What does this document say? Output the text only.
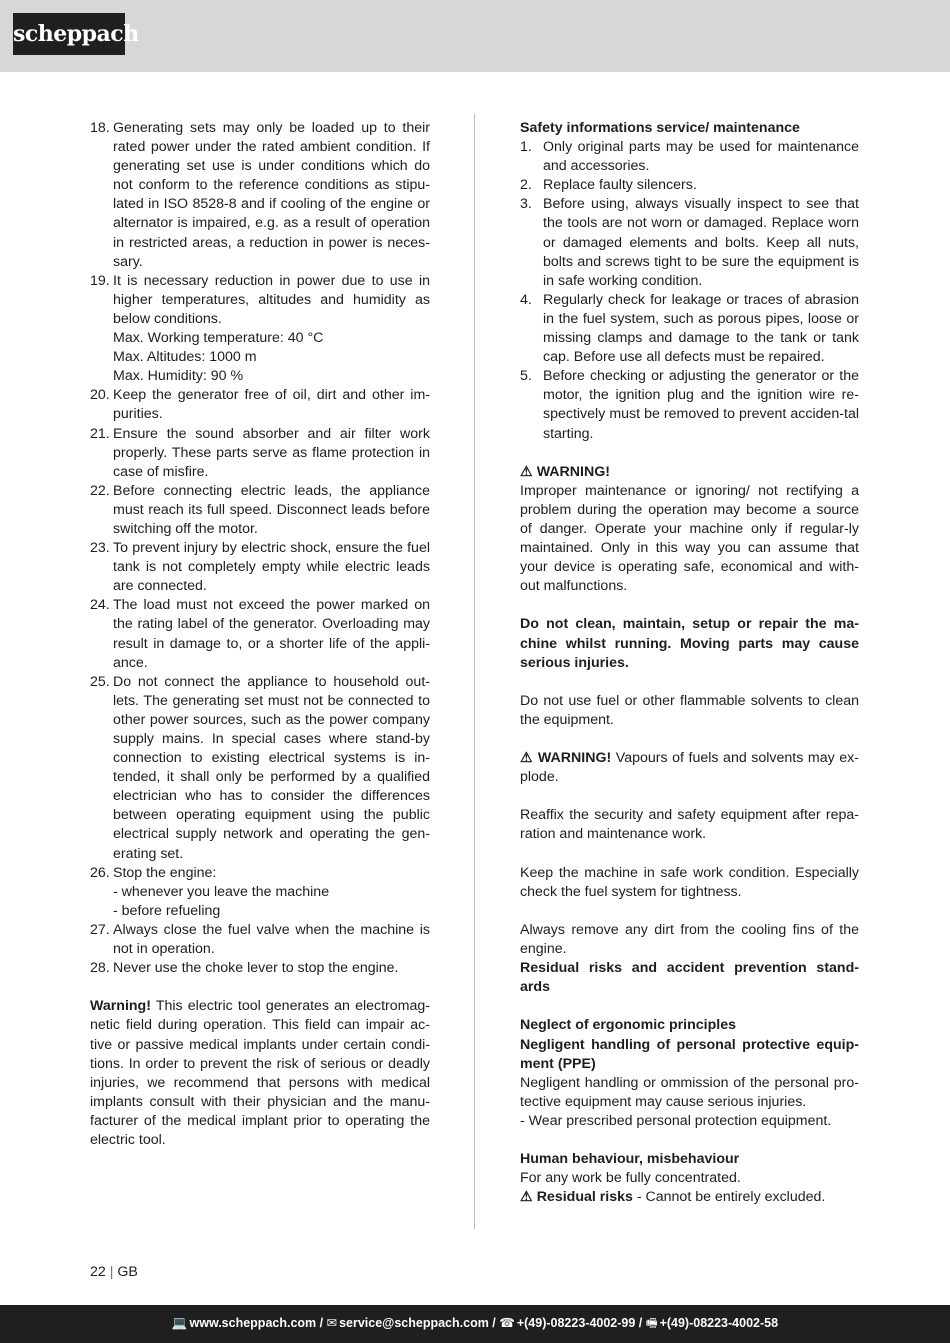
scheppach
18. Generating sets may only be loaded up to their rated power under the rated ambient condition. If generating set use is under conditions which do not conform to the reference conditions as stipu-lated in ISO 8528-8 and if cooling of the engine or alternator is impaired, e.g. as a result of operation in restricted areas, a reduction in power is neces-sary.
19. It is necessary reduction in power due to use in higher temperatures, altitudes and humidity as below conditions.
Max. Working temperature: 40 °C
Max. Altitudes: 1000 m
Max. Humidity: 90 %
20. Keep the generator free of oil, dirt and other im-purities.
21. Ensure the sound absorber and air filter work properly. These parts serve as flame protection in case of misfire.
22. Before connecting electric leads, the appliance must reach its full speed. Disconnect leads before switching off the motor.
23. To prevent injury by electric shock, ensure the fuel tank is not completely empty while electric leads are connected.
24. The load must not exceed the power marked on the rating label of the generator. Overloading may result in damage to, or a shorter life of the appli-ance.
25. Do not connect the appliance to household out-lets. The generating set must not be connected to other power sources, such as the power company supply mains. In special cases where stand-by connection to existing electrical systems is in-tended, it shall only be performed by a qualified electrician who has to consider the differences between operating equipment using the public electrical supply network and operating the gen-erating set.
26. Stop the engine:
- whenever you leave the machine
- before refueling
27. Always close the fuel valve when the machine is not in operation.
28. Never use the choke lever to stop the engine.
Warning! This electric tool generates an electromag-netic field during operation. This field can impair ac-tive or passive medical implants under certain condi-tions. In order to prevent the risk of serious or deadly injuries, we recommend that persons with medical implants consult with their physician and the manu-facturer of the medical implant prior to operating the electric tool.
Safety informations service/ maintenance
1. Only original parts may be used for maintenance and accessories.
2. Replace faulty silencers.
3. Before using, always visually inspect to see that the tools are not worn or damaged. Replace worn or damaged elements and bolts. Keep all nuts, bolts and screws tight to be sure the equipment is in safe working condition.
4. Regularly check for leakage or traces of abrasion in the fuel system, such as porous pipes, loose or missing clamps and damage to the tank or tank cap. Before use all defects must be repaired.
5. Before checking or adjusting the generator or the motor, the ignition plug and the ignition wire re-spectively must be removed to prevent acciden-tal starting.
⚠ WARNING!
Improper maintenance or ignoring/ not rectifying a problem during the operation may become a source of danger. Operate your machine only if regular-ly maintained. Only in this way you can assume that your device is operating safe, economical and with-out malfunctions.
Do not clean, maintain, setup or repair the ma-chine whilst running. Moving parts may cause serious injuries.
Do not use fuel or other flammable solvents to clean the equipment.
⚠ WARNING! Vapours of fuels and solvents may ex-plode.
Reaffix the security and safety equipment after repa-ration and maintenance work.
Keep the machine in safe work condition. Especially check the fuel system for tightness.
Always remove any dirt from the cooling fins of the engine.
Residual risks and accident prevention stand-ards
Neglect of ergonomic principles
Negligent handling of personal protective equip-ment (PPE)
Negligent handling or ommission of the personal pro-tective equipment may cause serious injuries.
- Wear prescribed personal protection equipment.
Human behaviour, misbehaviour
For any work be fully concentrated.
⚠ Residual risks - Cannot be entirely excluded.
22 | GB
💻 www.scheppach.com / ✉ service@scheppach.com / ☎ +(49)-08223-4002-99 / 🖷 +(49)-08223-4002-58
